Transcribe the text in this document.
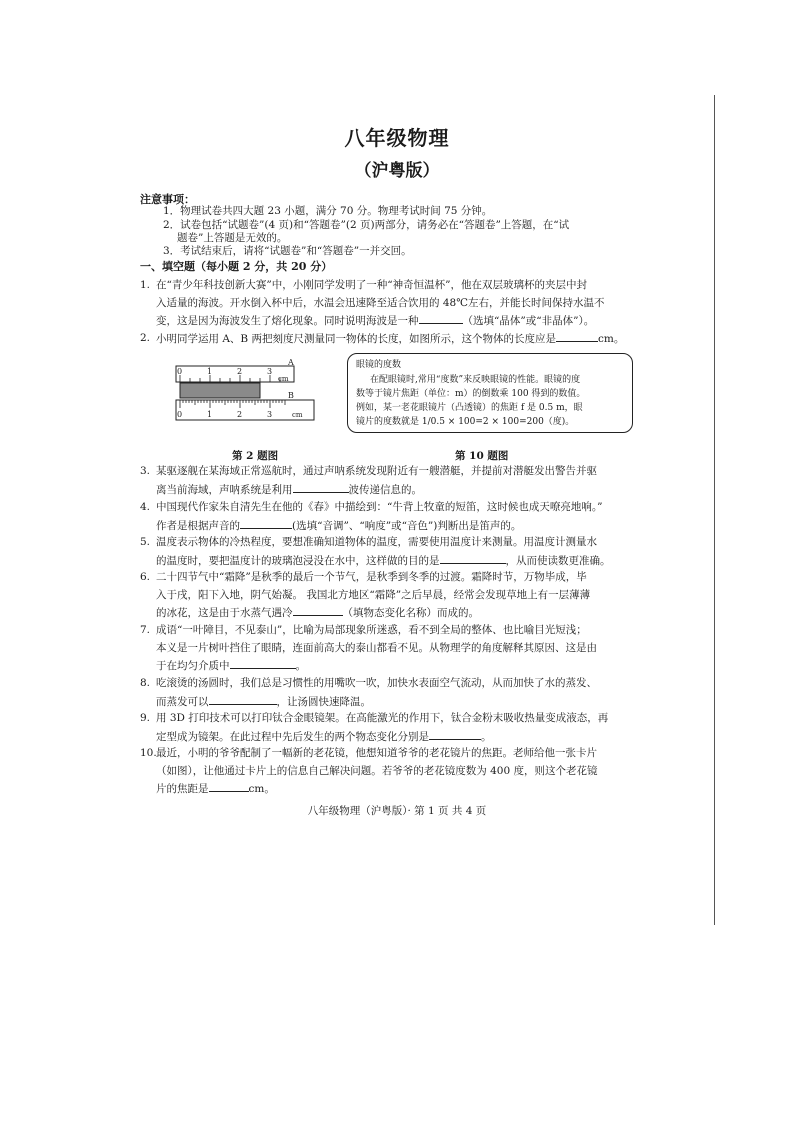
八年级物理
（沪粤版）
注意事项：
1．物理试卷共四大题 23 小题，满分 70 分。物理考试时间 75 分钟。
2．试卷包括“试题卷”(4 页)和“答题卷”(2 页)两部分，请务必在“答题卷”上答题，在“试
题卷”上答题是无效的。
3．考试结束后，请将“试题卷”和“答题卷”一并交回。
一、填空题（每小题 2 分，共 20 分）
1. 在“青少年科技创新大赛”中，小刚同学发明了一种“神奇恒温杯”，他在双层玻璃杯的夹层中封
入适量的海波。开水倒入杯中后，水温会迅速降至适合饮用的 48℃左右，并能长时间保持水温不
变，这是因为海波发生了熔化现象。同时说明海波是一种	（选填“晶体”或“非晶体”）。
2. 小明同学运用 A、B 两把刻度尺测量同一物体的长度，如图所示，这个物体的长度应是	cm。
0	1	2	3
cm
A
0	1	2	3	cm
B
眼镜的度数
在配眼镜时,常用“度数”来反映眼镜的性能。眼镜的度
数等于镜片焦距（单位：m）的倒数乘 100 得到的数值。
例如，某一老花眼镜片（凸透镜）的焦距 f 是 0.5 m，眼
镜片的度数就是 1/0.5 × 100=2 × 100=200（度)。
第 2 题图	第 10 题图
3. 某驱逐舰在某海域正常巡航时，通过声呐系统发现附近有一艘潜艇，并提前对潜艇发出警告并驱
离当前海域，声呐系统是利用	波传递信息的。
4. 中国现代作家朱自清先生在他的《春》中描绘到：“牛背上牧童的短笛，这时候也成天嘹亮地响。”
作者是根据声音的	(选填“音调”、“响度”或“音色”)判断出是笛声的。
5. 温度表示物体的冷热程度，要想准确知道物体的温度，需要使用温度计来测量。用温度计测量水
的温度时，要把温度计的玻璃泡浸没在水中，这样做的目的是	，从而使读数更准确。
6. 二十四节气中“霜降”是秋季的最后一个节气，是秋季到冬季的过渡。霜降时节，万物毕成，毕
入于戌，阳下入地，阴气始凝。 我国北方地区“霜降”之后早晨，经常会发现草地上有一层薄薄
的冰花，这是由于水蒸气遇冷	（填物态变化名称）而成的。
7. 成语“一叶障目，不见泰山”，比喻为局部现象所迷惑，看不到全局的整体、也比喻目光短浅；
本义是一片树叶挡住了眼睛，连面前高大的泰山都看不见。从物理学的角度解释其原因、这是由
于在均匀介质中	。
8. 吃滚烫的汤圆时，我们总是习惯性的用嘴吹一吹，加快水表面空气流动，从而加快了水的蒸发、
而蒸发可以	，让汤圆快速降温。
9. 用 3D 打印技术可以打印钛合金眼镜架。在高能激光的作用下，钛合金粉末吸收热量变成液态，再
定型成为镜架。在此过程中先后发生的两个物态变化分别是	。
10. 最近，小明的爷爷配制了一幅新的老花镜，他想知道爷爷的老花镜片的焦距。老师给他一张卡片
（如图），让他通过卡片上的信息自己解决问题。若爷爷的老花镜度数为 400 度，则这个老花镜
片的焦距是	cm。
八年级物理（沪粤版）· 第 1 页 共 4 页
